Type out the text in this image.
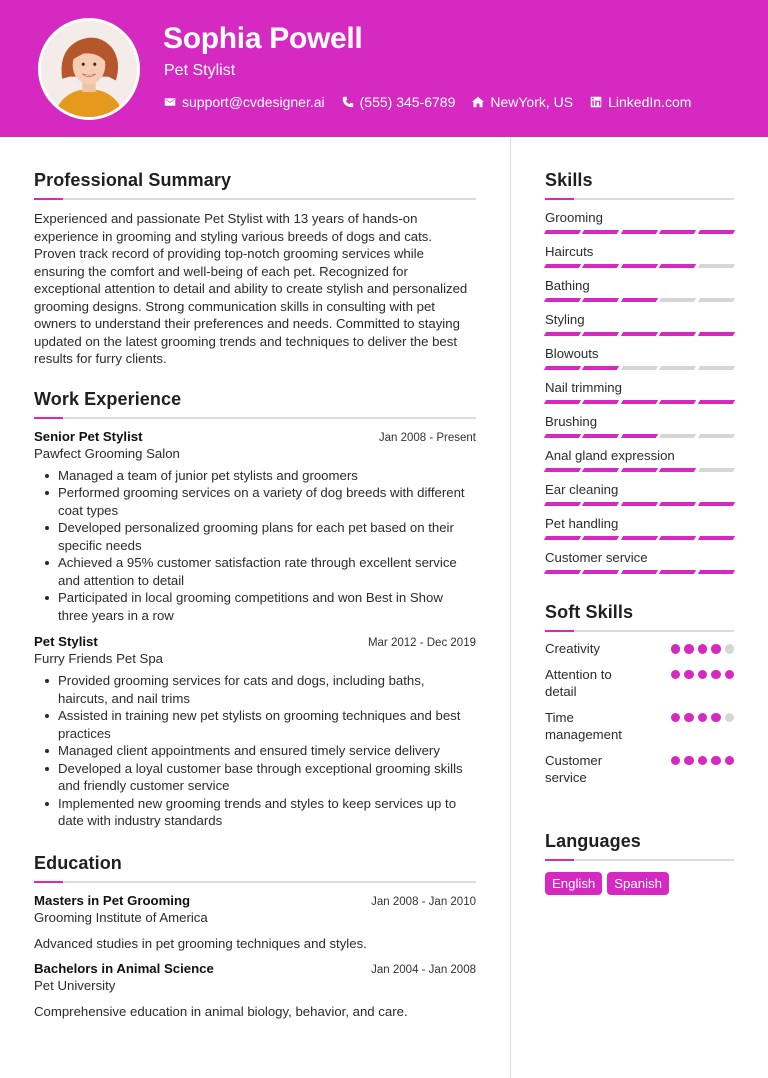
Sophia Powell
Pet Stylist
support@cvdesigner.ai	(555) 345-6789	NewYork, US	LinkedIn.com
Professional Summary

Experienced and passionate Pet Stylist with 13 years of hands-on experience in grooming and styling various breeds of dogs and cats. Proven track record of providing top-notch grooming services while ensuring the comfort and well-being of each pet. Recognized for exceptional attention to detail and ability to create stylish and personalized grooming designs. Strong communication skills in consulting with pet owners to understand their preferences and needs. Committed to staying updated on the latest grooming trends and techniques to deliver the best results for furry clients.

Work Experience
Senior Pet Stylist	Jan 2008 - Present
Pawfect Grooming Salon
Managed a team of junior pet stylists and groomers
Performed grooming services on a variety of dog breeds with different coat types
Developed personalized grooming plans for each pet based on their specific needs
Achieved a 95% customer satisfaction rate through excellent service and attention to detail
Participated in local grooming competitions and won Best in Show three years in a row
Pet Stylist	Mar 2012 - Dec 2019
Furry Friends Pet Spa
Provided grooming services for cats and dogs, including baths, haircuts, and nail trims
Assisted in training new pet stylists on grooming techniques and best practices
Managed client appointments and ensured timely service delivery
Developed a loyal customer base through exceptional grooming skills and friendly customer service
Implemented new grooming trends and styles to keep services up to date with industry standards
Education
Masters in Pet Grooming	Jan 2008 - Jan 2010
Grooming Institute of America
Advanced studies in pet grooming techniques and styles.
Bachelors in Animal Science	Jan 2004 - Jan 2008
Pet University
Comprehensive education in animal biology, behavior, and care.
Skills
Grooming
Haircuts
Bathing
Styling
Blowouts
Nail trimming
Brushing
Anal gland expression
Ear cleaning
Pet handling
Customer service
Soft Skills
Creativity
Attention to detail
Time management
Customer service
Languages
English	Spanish
